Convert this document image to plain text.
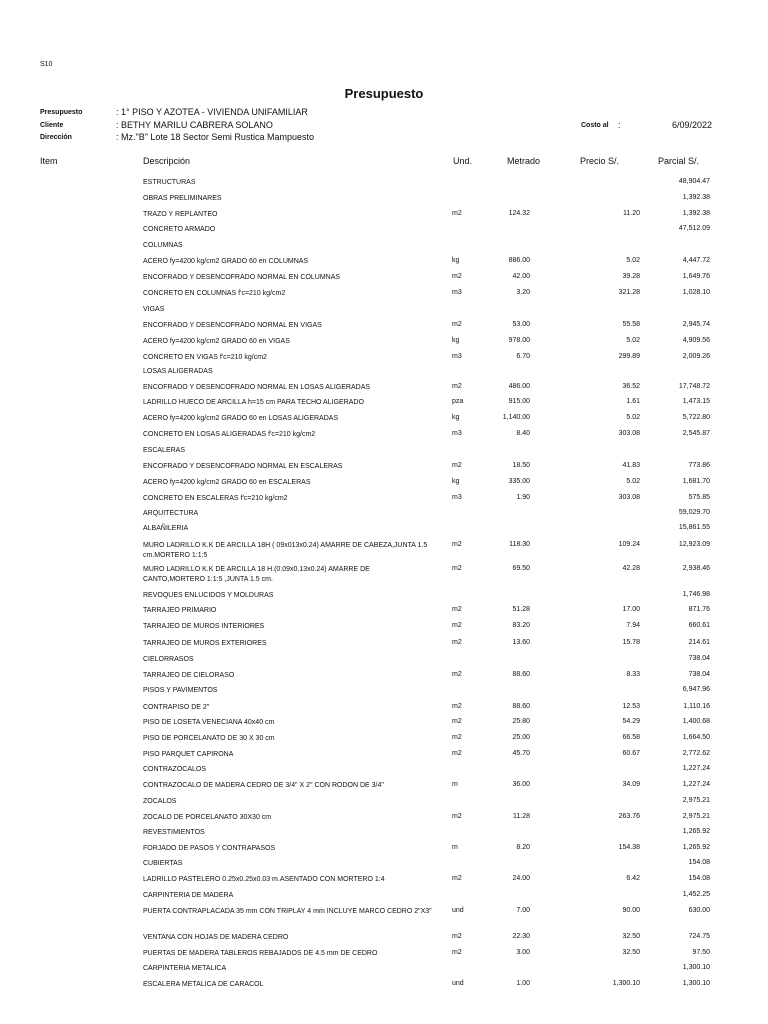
S10
Presupuesto
Presupuesto	: 1° PISO Y AZOTEA - VIVIENDA UNIFAMILIAR
Cliente	: BETHY MARILU CABRERA SOLANO
Dirección	: Mz."B" Lote 18 Sector Semi Rustica Mampuesto
Costo al :	6/09/2022
Item	Descripción	Und.	Metrado	Precio S/.	Parcial S/.
ESTRUCTURAS	48,904.47
OBRAS PRELIMINARES	1,392.38
TRAZO Y REPLANTEO	m2	124.32	11.20	1,392.38
CONCRETO ARMADO	47,512.09
COLUMNAS
ACERO fy=4200 kg/cm2 GRADO 60 en COLUMNAS	kg	886.00	5.02	4,447.72
ENCOFRADO Y DESENCOFRADO NORMAL EN COLUMNAS	m2	42.00	39.28	1,649.76
CONCRETO EN COLUMNAS f'c=210 kg/cm2	m3	3.20	321.28	1,028.10
VIGAS
ENCOFRADO Y DESENCOFRADO NORMAL EN VIGAS	m2	53.00	55.58	2,945.74
ACERO fy=4200 kg/cm2 GRADO 60 en VIGAS	kg	978.00	5.02	4,909.56
CONCRETO EN VIGAS f'c=210 kg/cm2	m3	6.70	299.89	2,009.26
LOSAS ALIGERADAS
ENCOFRADO Y DESENCOFRADO NORMAL EN LOSAS ALIGERADAS	m2	486.00	36.52	17,748.72
LADRILLO HUECO DE ARCILLA h=15 cm PARA TECHO ALIGERADO	pza	915.00	1.61	1,473.15
ACERO fy=4200 kg/cm2 GRADO 60 en LOSAS ALIGERADAS	kg	1,140.00	5.02	5,722.80
CONCRETO EN LOSAS ALIGERADAS f'c=210 kg/cm2	m3	8.40	303.08	2,545.87
ESCALERAS
ENCOFRADO Y DESENCOFRADO NORMAL EN ESCALERAS	m2	18.50	41.83	773.86
ACERO fy=4200 kg/cm2 GRADO 60 en ESCALERAS	kg	335.00	5.02	1,681.70
CONCRETO EN ESCALERAS f'c=210 kg/cm2	m3	1.90	303.08	575.85
ARQUITECTURA	59,029.70
ALBAÑILERIA	15,861.55
MURO LADRILLO K.K DE ARCILLA 18H ( 09x013x0.24) AMARRE DE CABEZA,JUNTA 1.5 cm.MORTERO 1:1:5
m2	118.30	109.24	12,923.09
MURO LADRILLO K.K DE ARCILLA 18 H.(0.09x0.13x0.24) AMARRE DE CANTO,MORTERO 1:1:5 ,JUNTA 1.5 cm.
m2	69.50	42.28	2,938.46
REVOQUES ENLUCIDOS Y MOLDURAS	1,746.98
TARRAJEO PRIMARIO	m2	51.28	17.00	871.76
TARRAJEO DE MUROS INTERIORES	m2	83.20	7.94	660.61
TARRAJEO DE MUROS EXTERIORES	m2	13.60	15.78	214.61
CIELORRASOS	738.04
TARRAJEO DE CIELORASO	m2	88.60	8.33	738.04
PISOS Y PAVIMENTOS	6,947.96
CONTRAPISO DE 2"	m2	88.60	12.53	1,110.16
PISO DE LOSETA VENECIANA 40x40 cm	m2	25.80	54.29	1,400.68
PISO DE PORCELANATO DE 30 X 30 cm	m2	25.00	66.58	1,664.50
PISO PARQUET CAPIRONA	m2	45.70	60.67	2,772.62
CONTRAZOCALOS	1,227.24
CONTRAZOCALO DE MADERA CEDRO DE 3/4" X 2" CON RODON DE 3/4"	m	36.00	34.09	1,227.24
ZOCALOS	2,975.21
ZOCALO DE PORCELANATO 30X30 cm	m2	11.28	263.76	2,975.21
REVESTIMIENTOS	1,265.92
FORJADO DE PASOS Y CONTRAPASOS	m	8.20	154.38	1,265.92
CUBIERTAS	154.08
LADRILLO PASTELERO 0.25x0.25x0.03 m.ASENTADO CON MORTERO 1:4	m2	24.00	6.42	154.08
CARPINTERIA DE MADERA	1,452.25
PUERTA CONTRAPLACADA 35 mm CON TRIPLAY 4 mm INCLUYE MARCO CEDRO 2"X3"	und	7.00	90.00	630.00
VENTANA CON HOJAS DE MADERA CEDRO	m2	22.30	32.50	724.75
PUERTAS DE MADERA TABLEROS REBAJADOS DE 4.5 mm DE CEDRO	m2	3.00	32.50	97.50
CARPINTERIA METALICA	1,300.10
ESCALERA METALICA DE CARACOL	und	1.00	1,300.10	1,300.10
